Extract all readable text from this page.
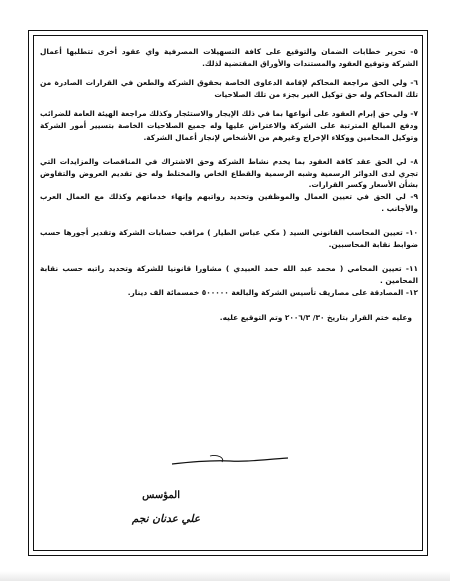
٥- تحرير خطابات الضمان والتوقيع على كافة التسهيلات المصرفية واي عقود أخرى تتطلبها أعمال الشركة وتوقيع العقود والمستندات والأوراق المقتضية لذلك.

٦- ولي الحق مراجعة المحاكم لإقامة الدعاوى الخاصة بحقوق الشركة والطعن في القرارات الصادرة من تلك المحاكم وله حق توكيل الغير بجزء من تلك الصلاحيات

٧- ولي حق إبرام العقود على أنواعها بما في ذلك الإيجار والاستئجار وكذلك مراجعة الهيئة العامة للضرائب ودفع المبالغ المترتبة على الشركة والاعتراض عليها وله جميع الصلاحيات الخاصة بتسيير أمور الشركة وتوكيل المحامين ووكلاء الإخراج وغيرهم من الأشخاص لإنجاز أعمال الشركة.

٨- لي الحق عقد كافة العقود بما يخدم نشاط الشركة وحق الاشتراك في المناقصات والمزايدات التي تجري لدى الدوائر الرسمية وشبه الرسمية والقطاع الخاص والمختلط وله حق تقديم العروض والتفاوض بشأن الأسعار وكسر القرارات.

٩- لي الحق في تعيين العمال والموظفين وتحديد رواتبهم وإنهاء خدماتهم وكذلك مع العمال العرب والأجانب .

١٠- تعيين المحاسب القانوني السيد ( مكي عباس الطيار ) مراقب حسابات الشركة وتقدير أجورها حسب ضوابط نقابة المحاسبين.

١١- تعيين المحامي ( محمد عبد الله حمد العبيدي ) مشاورا قانونيا للشركة وتحديد راتبه حسب نقابة المحامين .

١٢- المصادقة على مصاريف تأسيس الشركة والبالغة ٥٠٠٠٠٠ خمسمائة الف دينار.

وعليه ختم القرار بتاريخ ٣٠/ ٢٠٠٦/٣ وتم التوقيع عليه.

المؤسس
علي عدنان نجم
